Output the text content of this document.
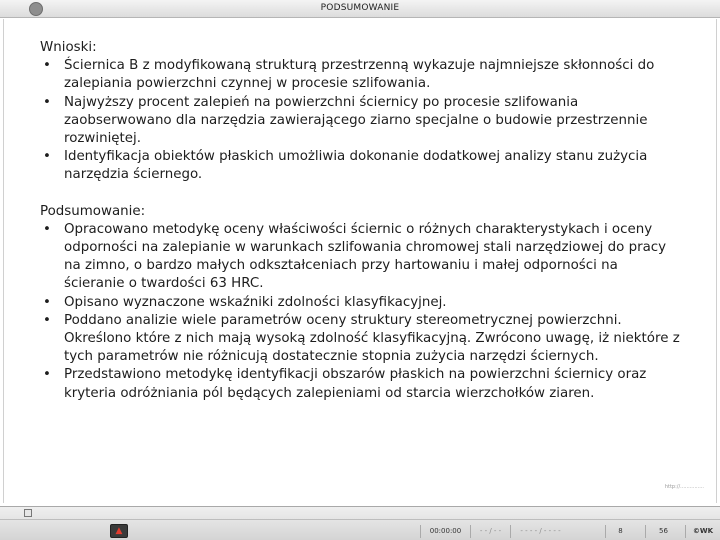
PODSUMOWANIE
Wnioski:
• Ściernica B z modyfikowaną strukturą przestrzenną wykazuje najmniejsze skłonności do zalepiania powierzchni czynnej w procesie szlifowania.
• Najwyższy procent zalepień na powierzchni ściernicy po procesie szlifowania zaobserwowano dla narzędzia zawierającego ziarno specjalne o budowie przestrzennie rozwiniętej.
• Identyfikacja obiektów płaskich umożliwia dokonanie dodatkowej analizy stanu zużycia narzędzia ściernego.
Podsumowanie:
• Opracowano metodykę oceny właściwości ściernic o różnych charakterystykach i oceny odporności na zalepianie w warunkach szlifowania chromowej stali narzędziowej do pracy na zimno, o bardzo małych odkształceniach przy hartowaniu i małej odporności na ścieranie o twardości 63 HRC.
• Opisano wyznaczone wskaźniki zdolności klasyfikacyjnej.
• Poddano analizie wiele parametrów oceny struktury stereometrycznej powierzchni. Określono które z nich mają wysoką zdolność klasyfikacyjną. Zwrócono uwagę, iż niektóre z tych parametrów nie różnicują dostatecznie stopnia zużycia narzędzi ściernych.
• Przedstawiono metodykę identyfikacji obszarów płaskich na powierzchni ściernicy oraz kryteria odróżniania pól będących zalepieniami od starcia wierzchołków ziaren.
http://...............
▲	00:00:00	- - / - -	- - - - / - - - -	8	56	©WK
